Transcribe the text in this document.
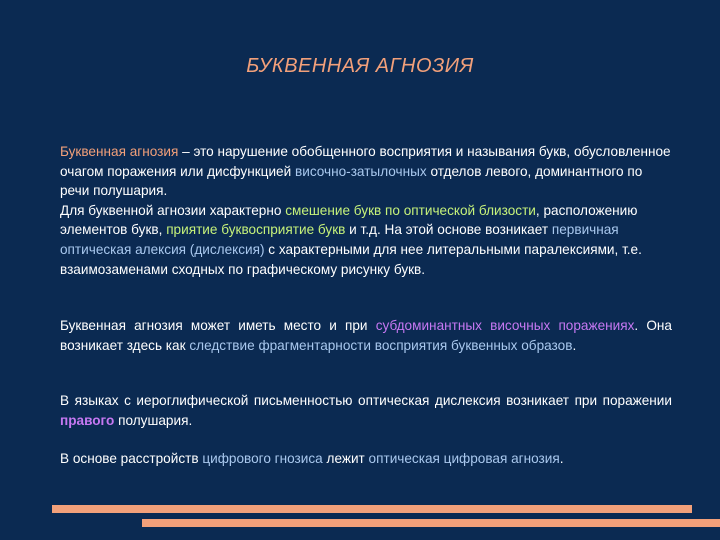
БУКВЕННАЯ АГНОЗИЯ
Буквенная агнозия – это нарушение обобщенного восприятия и называния букв, обусловленное очагом поражения или дисфункцией височно-затылочных отделов левого, доминантного по речи полушария.
Для буквенной агнозии характерно смешение букв по оптической близости, расположению элементов букв, приятие буквосприятие букв и т.д. На этой основе возникает первичная оптическая алексия (дислексия) с характерными для нее литеральными паралексиями, т.е. взаимозаменами сходных по графическому рисунку букв.
Буквенная агнозия может иметь место и при субдоминантных височных поражениях. Она возникает здесь как следствие фрагментарности восприятия буквенных образов.
В языках с иероглифической письменностью оптическая дислексия возникает при поражении правого полушария.
В основе расстройств цифрового гнозиса лежит оптическая цифровая агнозия.
